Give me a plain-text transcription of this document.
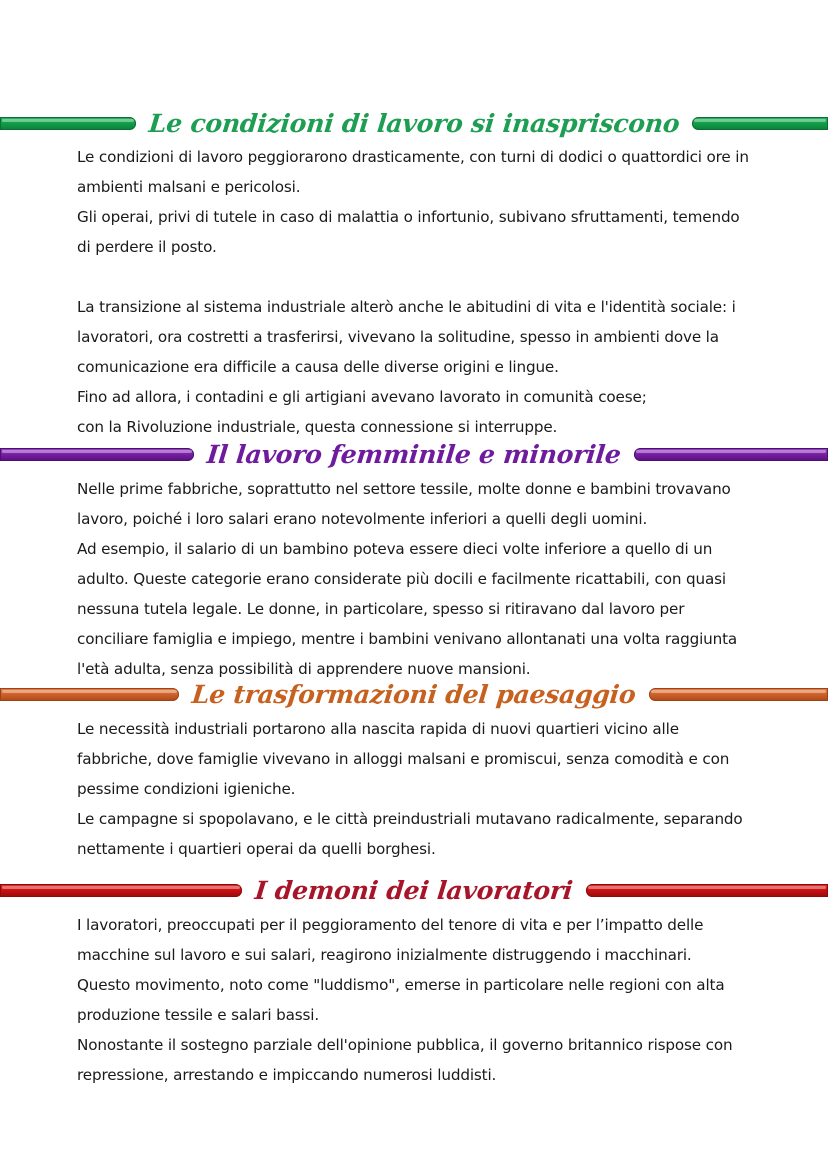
Le condizioni di lavoro si inaspriscono

Le condizioni di lavoro peggiorarono drasticamente, con turni di dodici o quattordici ore in ambienti malsani e pericolosi.

Gli operai, privi di tutele in caso di malattia o infortunio, subivano sfruttamenti, temendo di perdere il posto.

La transizione al sistema industriale alterò anche le abitudini di vita e l'identità sociale: i lavoratori, ora costretti a trasferirsi, vivevano la solitudine, spesso in ambienti dove la comunicazione era difficile a causa delle diverse origini e lingue.

Fino ad allora, i contadini e gli artigiani avevano lavorato in comunità coese;

con la Rivoluzione industriale, questa connessione si interruppe.

Il lavoro femminile e minorile

Nelle prime fabbriche, soprattutto nel settore tessile, molte donne e bambini trovavano lavoro, poiché i loro salari erano notevolmente inferiori a quelli degli uomini.

Ad esempio, il salario di un bambino poteva essere dieci volte inferiore a quello di un adulto. Queste categorie erano considerate più docili e facilmente ricattabili, con quasi nessuna tutela legale. Le donne, in particolare, spesso si ritiravano dal lavoro per conciliare famiglia e impiego, mentre i bambini venivano allontanati una volta raggiunta l'età adulta, senza possibilità di apprendere nuove mansioni.

Le trasformazioni del paesaggio

Le necessità industriali portarono alla nascita rapida di nuovi quartieri vicino alle fabbriche, dove famiglie vivevano in alloggi malsani e promiscui, senza comodità e con pessime condizioni igieniche.

Le campagne si spopolavano, e le città preindustriali mutavano radicalmente, separando nettamente i quartieri operai da quelli borghesi.

I demoni dei lavoratori

I lavoratori, preoccupati per il peggioramento del tenore di vita e per l’impatto delle macchine sul lavoro e sui salari, reagirono inizialmente distruggendo i macchinari.

Questo movimento, noto come "luddismo", emerse in particolare nelle regioni con alta produzione tessile e salari bassi.

Nonostante il sostegno parziale dell'opinione pubblica, il governo britannico rispose con repressione, arrestando e impiccando numerosi luddisti.
